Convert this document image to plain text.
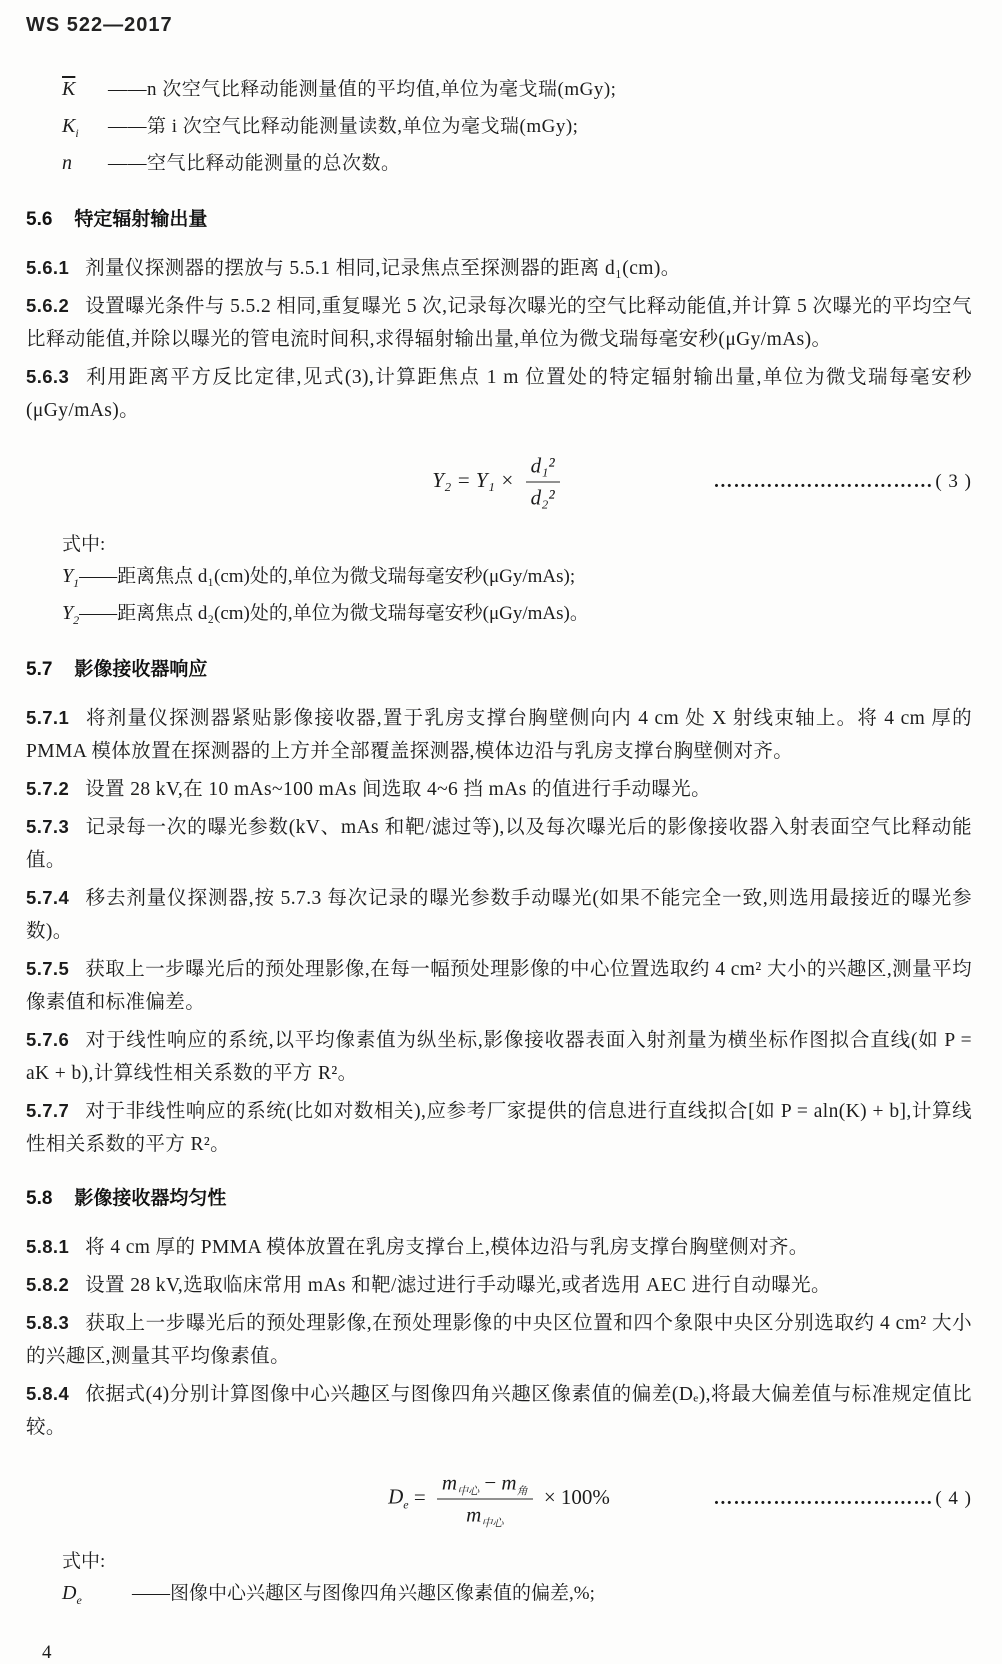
WS 522—2017
$\overline{K}$ ——n 次空气比释动能测量值的平均值,单位为毫戈瑞(mGy);
$K_i$ ——第 i 次空气比释动能测量读数,单位为毫戈瑞(mGy);
n ——空气比释动能测量的总次数。
5.6 特定辐射输出量

5.6.1 剂量仪探测器的摆放与 5.5.1 相同,记录焦点至探测器的距离 d₁(cm)。

5.6.2 设置曝光条件与 5.5.2 相同,重复曝光 5 次,记录每次曝光的空气比释动能值,并计算 5 次曝光的平均空气比释动能值,并除以曝光的管电流时间积,求得辐射输出量,单位为微戈瑞每毫安秒(μGy/mAs)。

5.6.3 利用距离平方反比定律,见式(3),计算距焦点 1 m 位置处的特定辐射输出量,单位为微戈瑞每毫安秒(μGy/mAs)。

$Y_2 = Y_1 \times \frac{\text{d₁²}}{\text{d₂²}}$	…………………………… ( 3 )
式中:
$Y_1——$距离焦点 d₁(cm)处的,单位为微戈瑞每毫安秒(μGy/mAs);
$Y_2——$距离焦点 d₂(cm)处的,单位为微戈瑞每毫安秒(μGy/mAs)。
5.7 影像接收器响应

5.7.1 将剂量仪探测器紧贴影像接收器,置于乳房支撑台胸壁侧向内 4 cm 处 X 射线束轴上。将 4 cm 厚的 PMMA 模体放置在探测器的上方并全部覆盖探测器,模体边沿与乳房支撑台胸壁侧对齐。

5.7.2 设置 28 kV,在 10 mAs~100 mAs 间选取 4~6 挡 mAs 的值进行手动曝光。

5.7.3 记录每一次的曝光参数(kV、mAs 和靶/滤过等),以及每次曝光后的影像接收器入射表面空气比释动能值。

5.7.4 移去剂量仪探测器,按 5.7.3 每次记录的曝光参数手动曝光(如果不能完全一致,则选用最接近的曝光参数)。

5.7.5 获取上一步曝光后的预处理影像,在每一幅预处理影像的中心位置选取约 4 cm² 大小的兴趣区,测量平均像素值和标准偏差。

5.7.6 对于线性响应的系统,以平均像素值为纵坐标,影像接收器表面入射剂量为横坐标作图拟合直线(如 P = aK + b),计算线性相关系数的平方 R²。

5.7.7 对于非线性响应的系统(比如对数相关),应参考厂家提供的信息进行直线拟合[如 P = aln(K) + b],计算线性相关系数的平方 R²。

5.8 影像接收器均匀性

5.8.1 将 4 cm 厚的 PMMA 模体放置在乳房支撑台上,模体边沿与乳房支撑台胸壁侧对齐。

5.8.2 设置 28 kV,选取临床常用 mAs 和靶/滤过进行手动曝光,或者选用 AEC 进行自动曝光。

5.8.3 获取上一步曝光后的预处理影像,在预处理影像的中央区位置和四个象限中央区分别选取约 4 cm² 大小的兴趣区,测量其平均像素值。

5.8.4 依据式(4)分别计算图像中心兴趣区与图像四角兴趣区像素值的偏差(Dₑ),将最大偏差值与标准规定值比较。

$D_e = \frac{m_{中心} - m_角}{m_{中心}} \times 100\%$	…………………………… ( 4 )
式中:
$D_e$	——图像中心兴趣区与图像四角兴趣区像素值的偏差,%;
4
